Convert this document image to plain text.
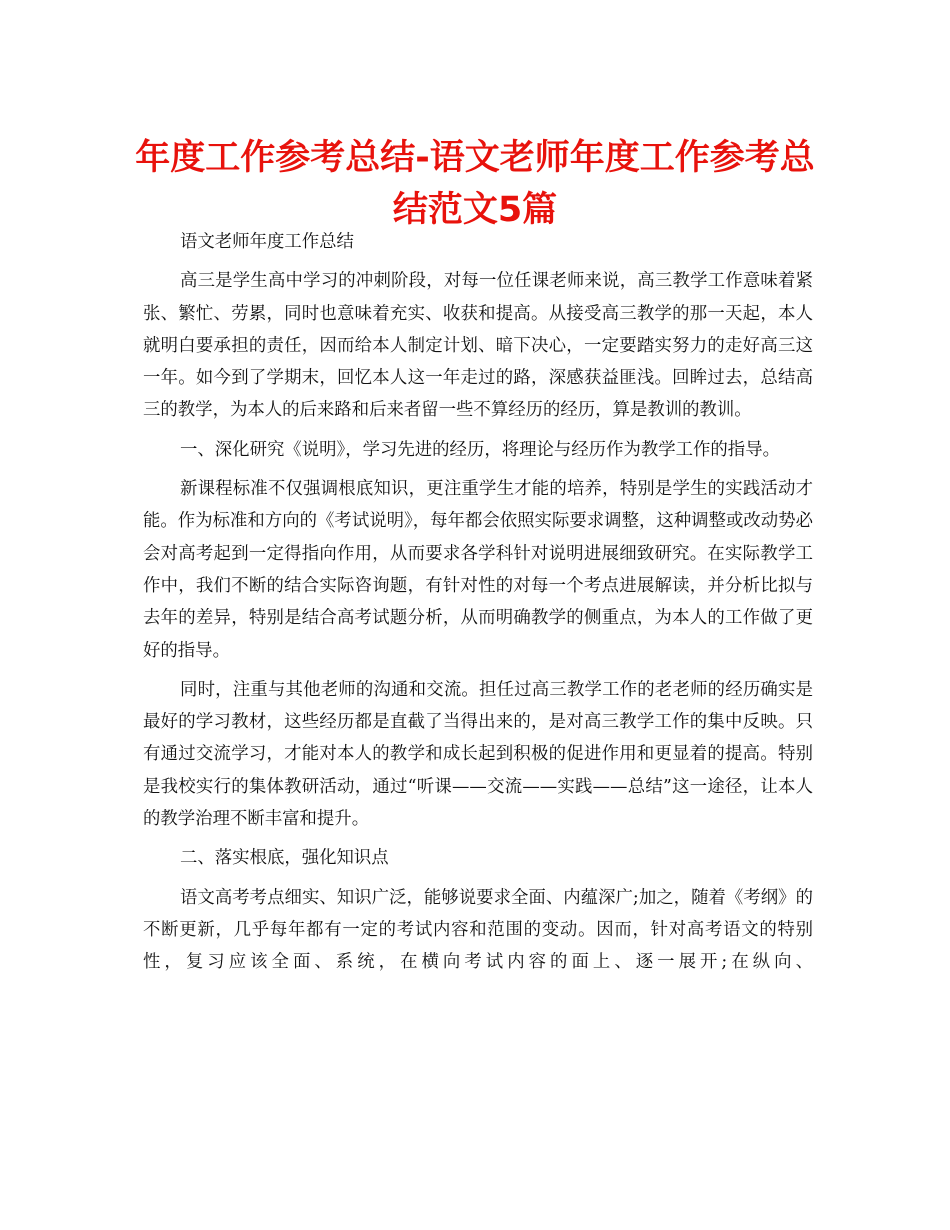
年度工作参考总结-语文老师年度工作参考总结范文5篇

语文老师年度工作总结

高三是学生高中学习的冲刺阶段，对每一位任课老师来说，高三教学工作意味着紧张、繁忙、劳累，同时也意味着充实、收获和提高。从接受高三教学的那一天起，本人就明白要承担的责任，因而给本人制定计划、暗下决心，一定要踏实努力的走好高三这一年。如今到了学期末，回忆本人这一年走过的路，深感获益匪浅。回眸过去，总结高三的教学，为本人的后来路和后来者留一些不算经历的经历，算是教训的教训。

一、深化研究《说明》，学习先进的经历，将理论与经历作为教学工作的指导。

新课程标准不仅强调根底知识，更注重学生才能的培养，特别是学生的实践活动才能。作为标准和方向的《考试说明》，每年都会依照实际要求调整，这种调整或改动势必会对高考起到一定得指向作用，从而要求各学科针对说明进展细致研究。在实际教学工作中，我们不断的结合实际咨询题，有针对性的对每一个考点进展解读，并分析比拟与去年的差异，特别是结合高考试题分析，从而明确教学的侧重点，为本人的工作做了更好的指导。

同时，注重与其他老师的沟通和交流。担任过高三教学工作的老老师的经历确实是最好的学习教材，这些经历都是直截了当得出来的，是对高三教学工作的集中反映。只有通过交流学习，才能对本人的教学和成长起到积极的促进作用和更显着的提高。特别是我校实行的集体教研活动，通过“听课——交流——实践——总结”这一途径，让本人的教学治理不断丰富和提升。

二、落实根底，强化知识点

语文高考考点细实、知识广泛，能够说要求全面、内蕴深广;加之，随着《考纲》的不断更新，几乎每年都有一定的考试内容和范围的变动。因而，针对高考语文的特别性，复习应该全面、系统，在横向考试内容的面上、逐一展开;在纵向、
